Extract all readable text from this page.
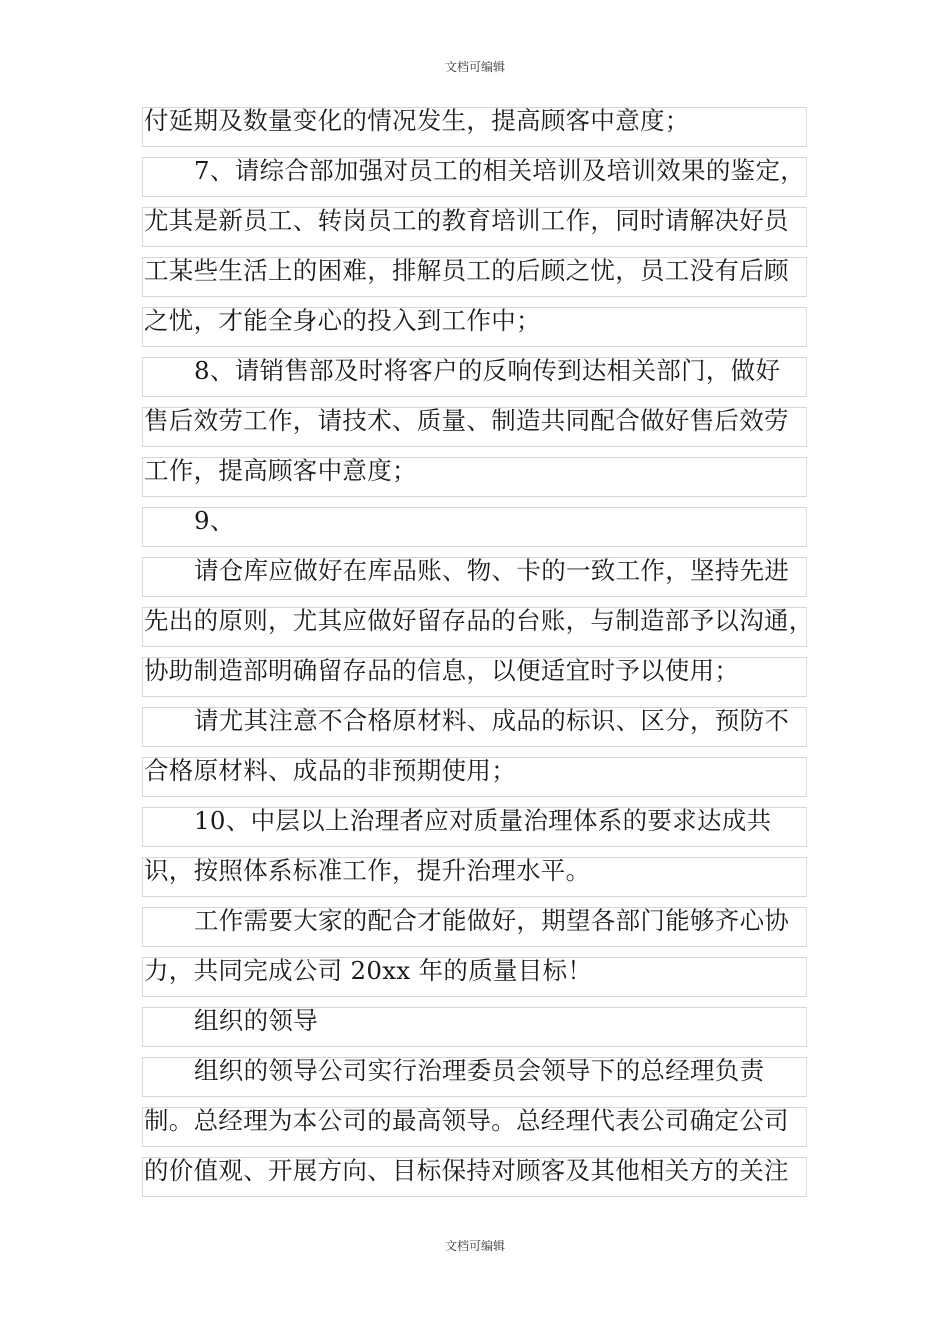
文档可编辑
付延期及数量变化的情况发生，提高顾客中意度；
7、请综合部加强对员工的相关培训及培训效果的鉴定，
尤其是新员工、转岗员工的教育培训工作，同时请解决好员
工某些生活上的困难，排解员工的后顾之忧，员工没有后顾
之忧，才能全身心的投入到工作中；
8、请销售部及时将客户的反响传到达相关部门，做好
售后效劳工作，请技术、质量、制造共同配合做好售后效劳
工作，提高顾客中意度；
9、
请仓库应做好在库品账、物、卡的一致工作，坚持先进
先出的原则，尤其应做好留存品的台账，与制造部予以沟通，
协助制造部明确留存品的信息，以便适宜时予以使用；
请尤其注意不合格原材料、成品的标识、区分，预防不
合格原材料、成品的非预期使用；
10、中层以上治理者应对质量治理体系的要求达成共
识，按照体系标准工作，提升治理水平。
工作需要大家的配合才能做好，期望各部门能够齐心协
力，共同完成公司 20xx 年的质量目标！
组织的领导
组织的领导公司实行治理委员会领导下的总经理负责
制。总经理为本公司的最高领导。总经理代表公司确定公司
的价值观、开展方向、目标保持对顾客及其他相关方的关注
文档可编辑
